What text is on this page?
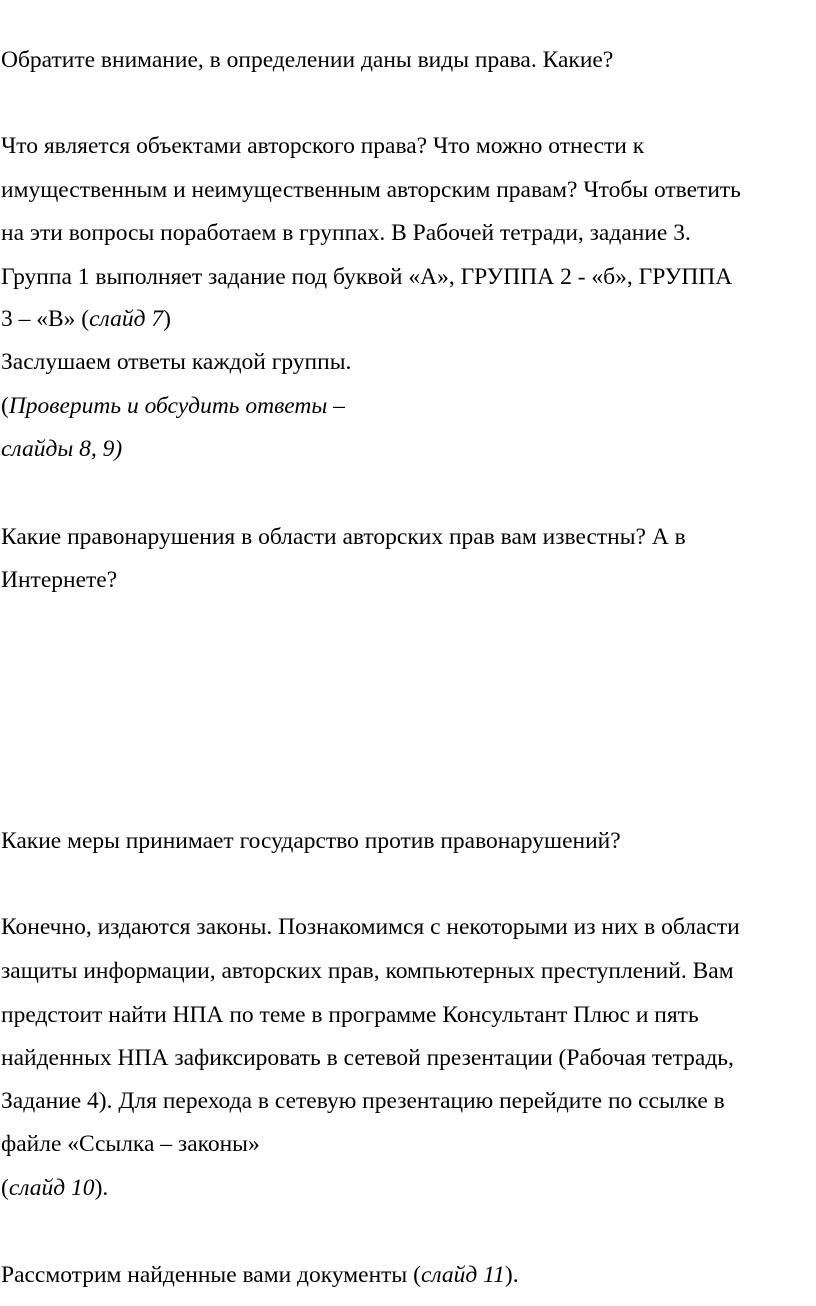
Обратите внимание, в определении даны виды права. Какие?
Что является объектами авторского права? Что можно отнести к
имущественным и неимущественным авторским правам? Чтобы ответить
на эти вопросы поработаем в группах. В Рабочей тетради, задание 3.
Группа 1 выполняет задание под буквой «А», ГРУППА 2 - «б», ГРУППА
3 – «В» (слайд 7)
Заслушаем ответы каждой группы.
(Проверить и обсудить ответы –
слайды 8, 9)
Какие правонарушения в области авторских прав вам известны? А в
Интернете?
Какие меры принимает государство против правонарушений?
Конечно, издаются законы. Познакомимся с некоторыми из них в области
защиты информации, авторских прав, компьютерных преступлений. Вам
предстоит найти НПА по теме в программе Консультант Плюс и пять
найденных НПА зафиксировать в сетевой презентации (Рабочая тетрадь,
Задание 4). Для перехода в сетевую презентацию перейдите по ссылке в
файле «Ссылка – законы»
(слайд 10).
Рассмотрим найденные вами документы (слайд 11).
